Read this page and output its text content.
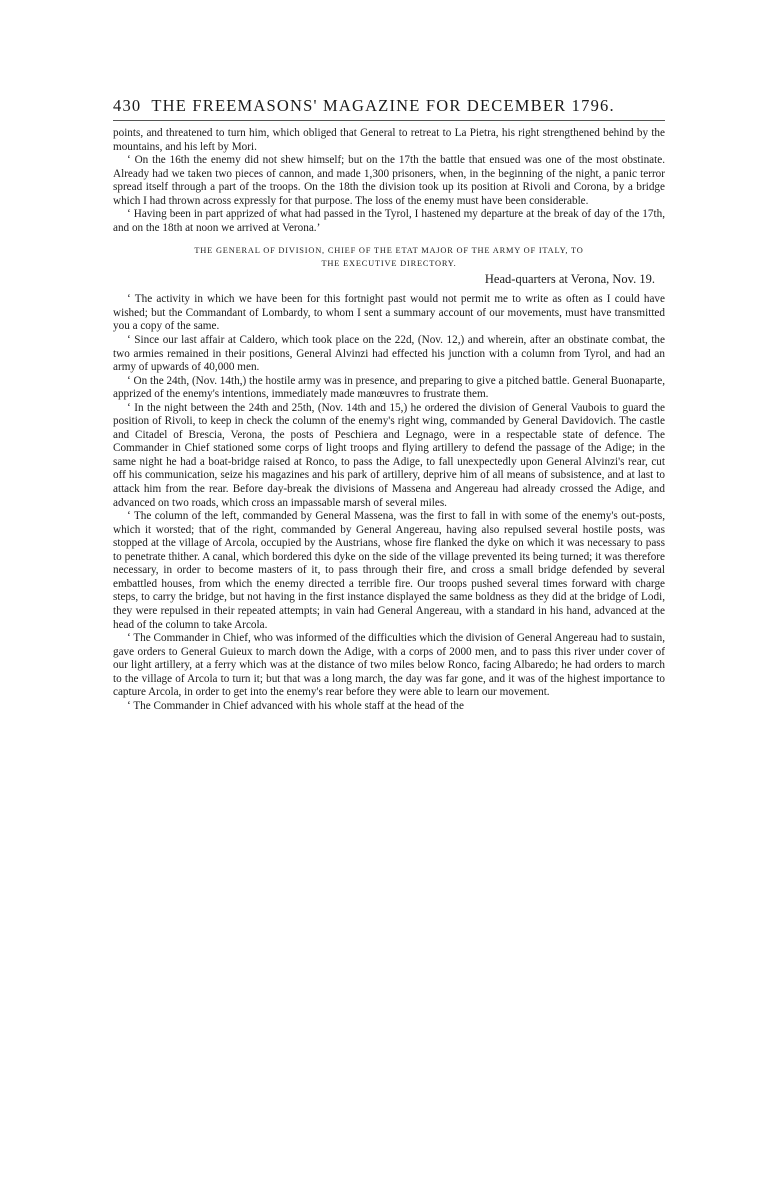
430 THE FREEMASONS' MAGAZINE FOR DECEMBER 1796.

points, and threatened to turn him, which obliged that General to retreat to La Pietra, his right strengthened behind by the mountains, and his left by Mori.

‘ On the 16th the enemy did not shew himself; but on the 17th the battle that ensued was one of the most obstinate. Already had we taken two pieces of cannon, and made 1,300 prisoners, when, in the beginning of the night, a panic terror spread itself through a part of the troops. On the 18th the division took up its position at Rivoli and Corona, by a bridge which I had thrown across expressly for that purpose. The loss of the enemy must have been considerable.

‘ Having been in part apprized of what had passed in the Tyrol, I hastened my departure at the break of day of the 17th, and on the 18th at noon we arrived at Verona.’

THE GENERAL OF DIVISION, CHIEF OF THE ETAT MAJOR OF THE ARMY OF ITALY, TO
THE EXECUTIVE DIRECTORY.
Head-quarters at Verona, Nov. 19.

‘ The activity in which we have been for this fortnight past would not permit me to write as often as I could have wished; but the Commandant of Lombardy, to whom I sent a summary account of our movements, must have transmitted you a copy of the same.

‘ Since our last affair at Caldero, which took place on the 22d, (Nov. 12,) and wherein, after an obstinate combat, the two armies remained in their positions, General Alvinzi had effected his junction with a column from Tyrol, and had an army of upwards of 40,000 men.

‘ On the 24th, (Nov. 14th,) the hostile army was in presence, and preparing to give a pitched battle. General Buonaparte, apprized of the enemy's intentions, immediately made manœuvres to frustrate them.

‘ In the night between the 24th and 25th, (Nov. 14th and 15,) he ordered the division of General Vaubois to guard the position of Rivoli, to keep in check the column of the enemy's right wing, commanded by General Davidovich. The castle and Citadel of Brescia, Verona, the posts of Peschiera and Legnago, were in a respectable state of defence. The Commander in Chief stationed some corps of light troops and flying artillery to defend the passage of the Adige; in the same night he had a boat-bridge raised at Ronco, to pass the Adige, to fall unexpectedly upon General Alvinzi's rear, cut off his communication, seize his magazines and his park of artillery, deprive him of all means of subsistence, and at last to attack him from the rear. Before day-break the divisions of Massena and Angereau had already crossed the Adige, and advanced on two roads, which cross an impassable marsh of several miles.

‘ The column of the left, commanded by General Massena, was the first to fall in with some of the enemy's out-posts, which it worsted; that of the right, commanded by General Angereau, having also repulsed several hostile posts, was stopped at the village of Arcola, occupied by the Austrians, whose fire flanked the dyke on which it was necessary to pass to penetrate thither. A canal, which bordered this dyke on the side of the village prevented its being turned; it was therefore necessary, in order to become masters of it, to pass through their fire, and cross a small bridge defended by several embattled houses, from which the enemy directed a terrible fire. Our troops pushed several times forward with charge steps, to carry the bridge, but not having in the first instance displayed the same boldness as they did at the bridge of Lodi, they were repulsed in their repeated attempts; in vain had General Angereau, with a standard in his hand, advanced at the head of the column to take Arcola.

‘ The Commander in Chief, who was informed of the difficulties which the division of General Angereau had to sustain, gave orders to General Guieux to march down the Adige, with a corps of 2000 men, and to pass this river under cover of our light artillery, at a ferry which was at the distance of two miles below Ronco, facing Albaredo; he had orders to march to the village of Arcola to turn it; but that was a long march, the day was far gone, and it was of the highest importance to capture Arcola, in order to get into the enemy's rear before they were able to learn our movement.

‘ The Commander in Chief advanced with his whole staff at the head of the
